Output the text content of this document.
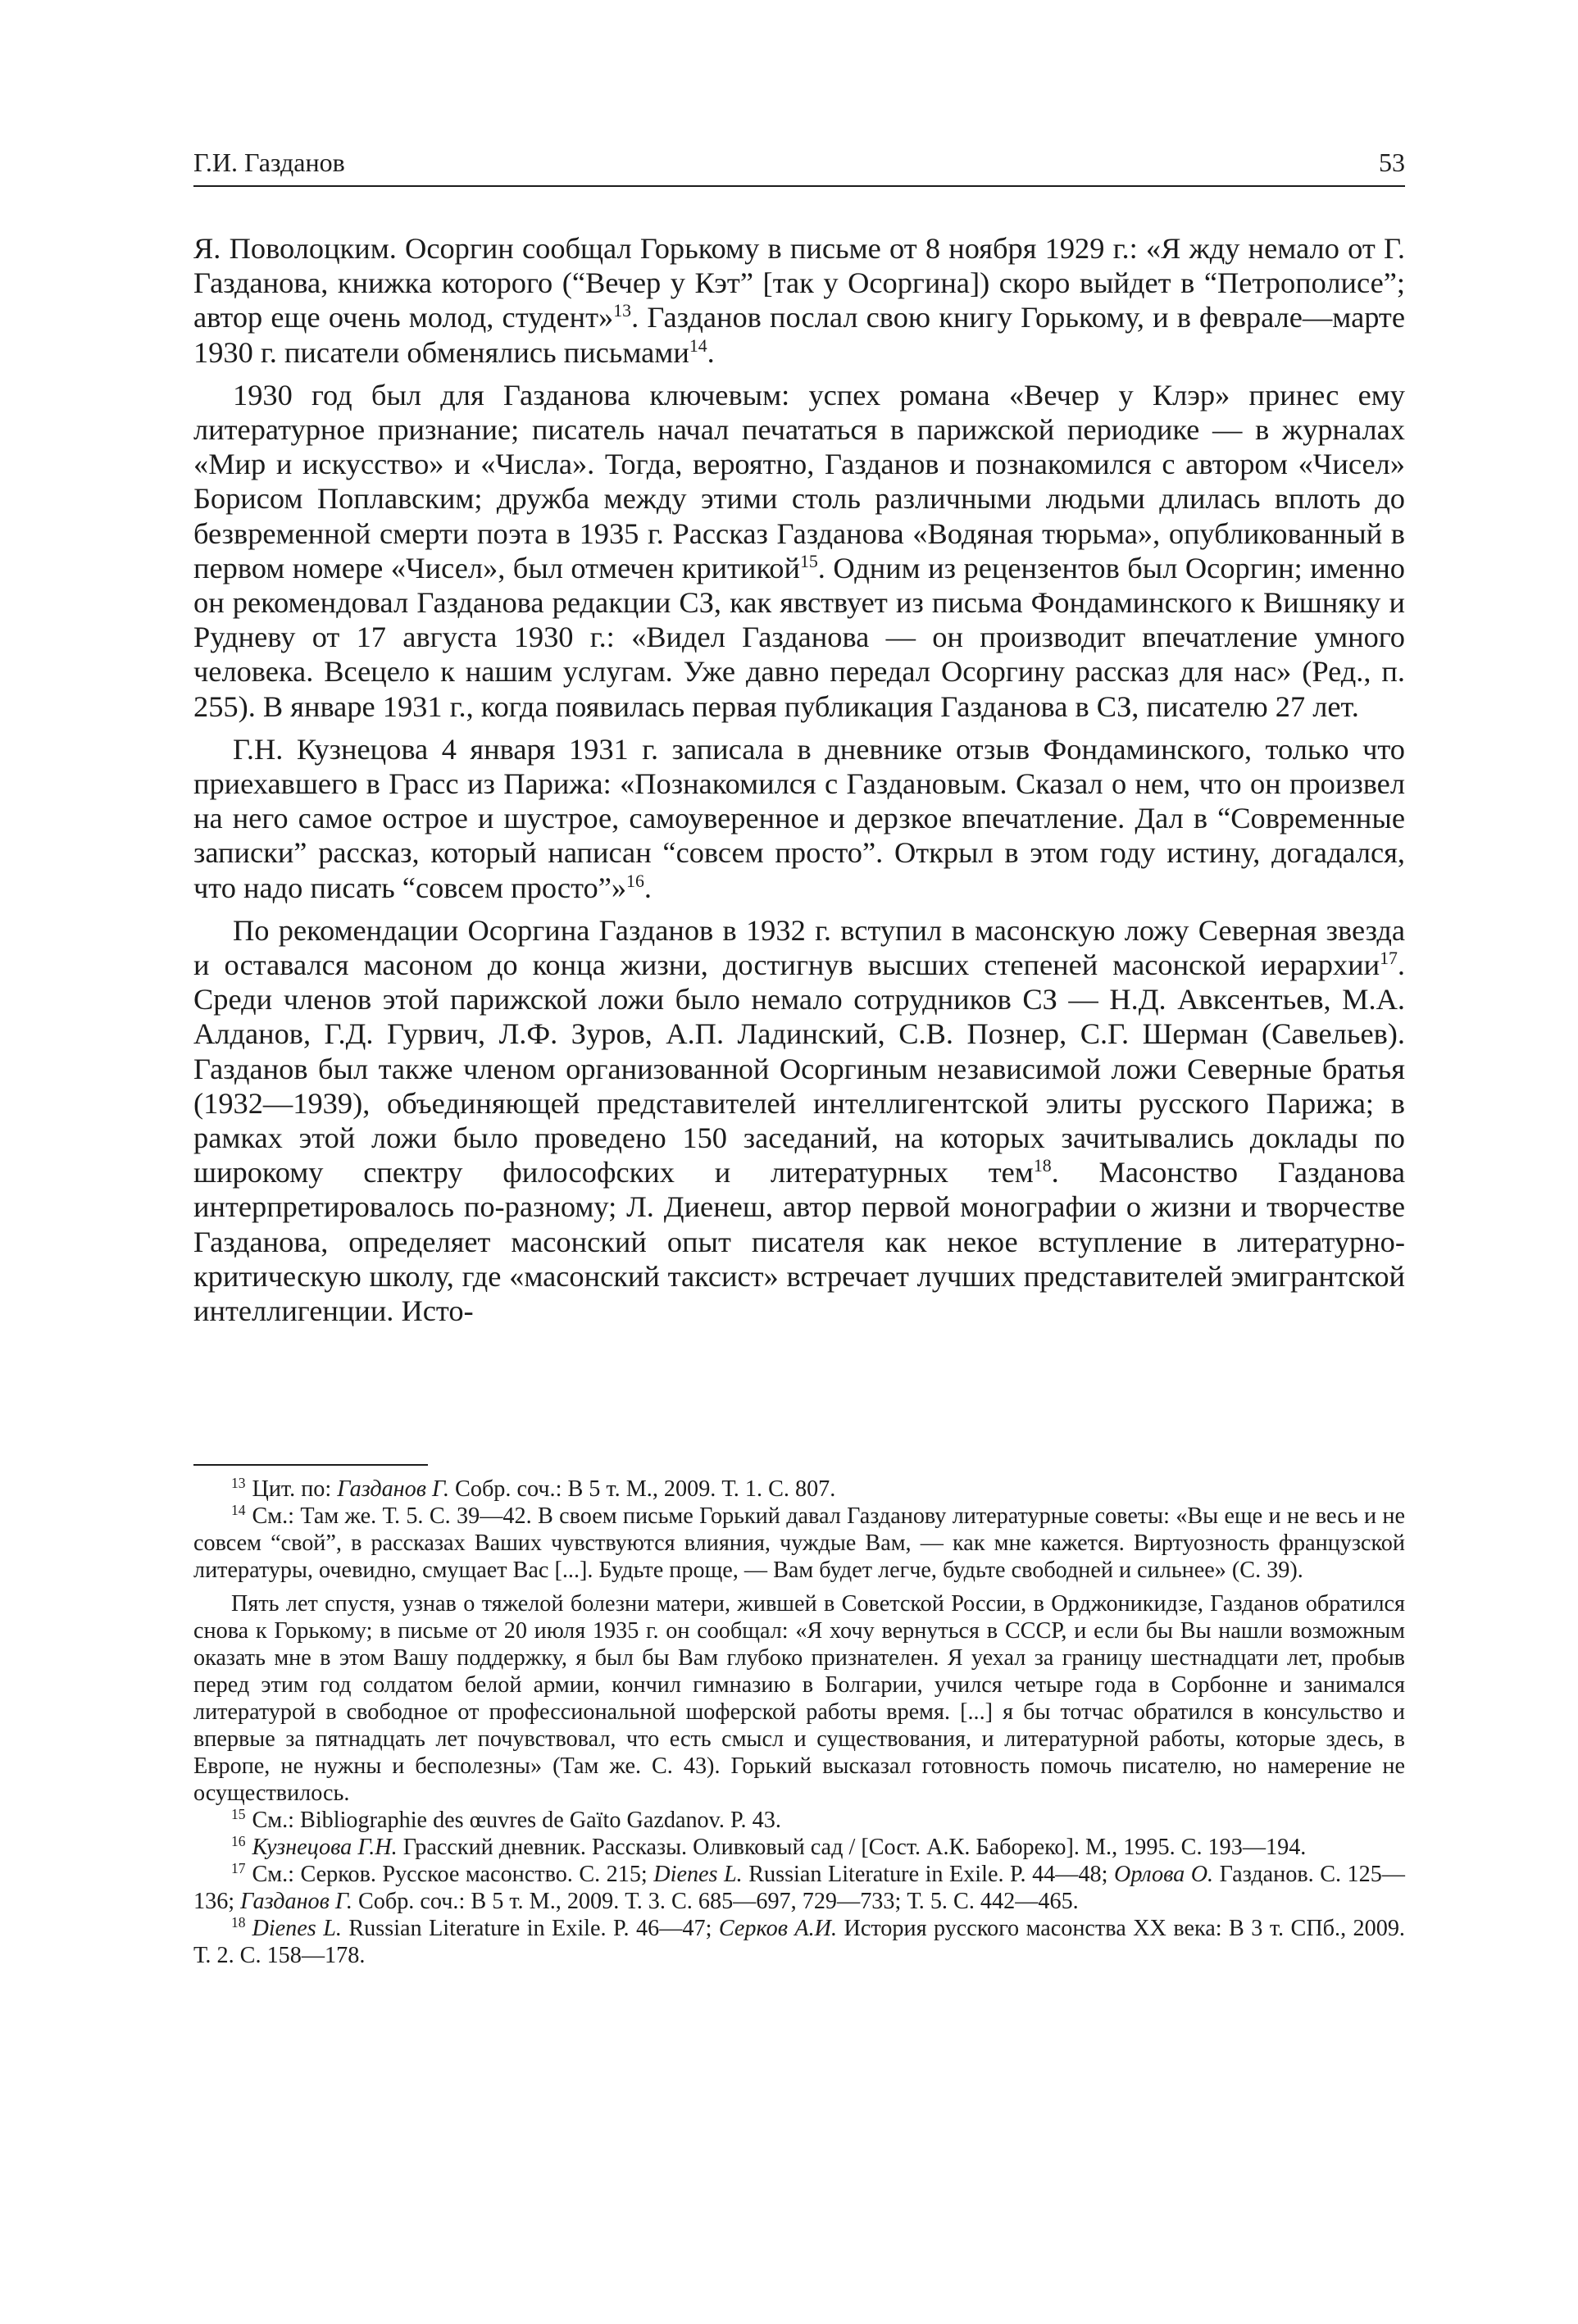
Г.И. Газданов	53

Я. Поволоцким. Осоргин сообщал Горькому в письме от 8 ноября 1929 г.: «Я жду немало от Г. Газданова, книжка которого (“Вечер у Кэт” [так у Осоргина]) скоро выйдет в “Петрополисе”; автор еще очень молод, студент»$^{13}$. Газданов послал свою книгу Горькому, и в феврале—марте 1930 г. писатели обменялись письмами$^{14}$.

1930 год был для Газданова ключевым: успех романа «Вечер у Клэр» принес ему литературное признание; писатель начал печататься в парижской периодике — в журналах «Мир и искусство» и «Числа». Тогда, вероятно, Газданов и познакомился с автором «Чисел» Борисом Поплавским; дружба между этими столь различными людьми длилась вплоть до безвременной смерти поэта в 1935 г. Рассказ Газданова «Водяная тюрьма», опубликованный в первом номере «Чисел», был отмечен критикой$^{15}$. Одним из рецензентов был Осоргин; именно он рекомендовал Газданова редакции СЗ, как явствует из письма Фондаминского к Вишняку и Рудневу от 17 августа 1930 г.: «Видел Газданова — он производит впечатление умного человека. Всецело к нашим услугам. Уже давно передал Осоргину рассказ для нас» (Ред., п. 255). В январе 1931 г., когда появилась первая публикация Газданова в СЗ, писателю 27 лет.

Г.Н. Кузнецова 4 января 1931 г. записала в дневнике отзыв Фондаминского, только что приехавшего в Грасс из Парижа: «Познакомился с Газдановым. Сказал о нем, что он произвел на него самое острое и шустрое, самоуверенное и дерзкое впечатление. Дал в “Современные записки” рассказ, который написан “совсем просто”. Открыл в этом году истину, догадался, что надо писать “совсем просто”»$^{16}$.

По рекомендации Осоргина Газданов в 1932 г. вступил в масонскую ложу Северная звезда и оставался масоном до конца жизни, достигнув высших степеней масонской иерархии$^{17}$. Среди членов этой парижской ложи было немало сотрудников СЗ — Н.Д. Авксентьев, М.А. Алданов, Г.Д. Гурвич, Л.Ф. Зуров, А.П. Ладинский, С.В. Познер, С.Г. Шерман (Савельев). Газданов был также членом организованной Осоргиным независимой ложи Северные братья (1932—1939), объединяющей представителей интеллигентской элиты русского Парижа; в рамках этой ложи было проведено 150 заседаний, на которых зачитывались доклады по широкому спектру философских и литературных тем$^{18}$. Масонство Газданова интерпретировалось по-разному; Л. Диенеш, автор первой монографии о жизни и творчестве Газданова, определяет масонский опыт писателя как некое вступление в литературно-критическую школу, где «масонский таксист» встречает лучших представителей эмигрантской интеллигенции. Исто-

$^{13}$ Цит. по: Газданов Г. Собр. соч.: В 5 т. М., 2009. Т. 1. С. 807.

$^{14}$ См.: Там же. Т. 5. С. 39—42. В своем письме Горький давал Газданову литературные советы: «Вы еще и не весь и не совсем “свой”, в рассказах Ваших чувствуются влияния, чуждые Вам, — как мне кажется. Виртуозность французской литературы, очевидно, смущает Вас [...]. Будьте проще, — Вам будет легче, будьте свободней и сильнее» (С. 39).

Пять лет спустя, узнав о тяжелой болезни матери, жившей в Советской России, в Орджоникидзе, Газданов обратился снова к Горькому; в письме от 20 июля 1935 г. он сообщал: «Я хочу вернуться в СССР, и если бы Вы нашли возможным оказать мне в этом Вашу поддержку, я был бы Вам глубоко признателен. Я уехал за границу шестнадцати лет, пробыв перед этим год солдатом белой армии, кончил гимназию в Болгарии, учился четыре года в Сорбонне и занимался литературой в свободное от профессиональной шоферской работы время. [...] я бы тотчас обратился в консульство и впервые за пятнадцать лет почувствовал, что есть смысл и существования, и литературной работы, которые здесь, в Европе, не нужны и бесполезны» (Там же. С. 43). Горький высказал готовность помочь писателю, но намерение не осуществилось.

$^{15}$ См.: Bibliographie des œuvres de Gaïto Gazdanov. P. 43.

$^{16}$ Кузнецова Г.Н. Грасский дневник. Рассказы. Оливковый сад / [Сост. А.К. Бабореко]. М., 1995. С. 193—194.

$^{17}$ См.: Серков. Русское масонство. С. 215; Dienes L. Russian Literature in Exile. P. 44—48; Орлова О. Газданов. С. 125—136; Газданов Г. Собр. соч.: В 5 т. М., 2009. Т. 3. С. 685—697, 729—733; Т. 5. С. 442—465.

$^{18}$ Dienes L. Russian Literature in Exile. P. 46—47; Серков А.И. История русского масонства XX века: В 3 т. СПб., 2009. Т. 2. С. 158—178.
